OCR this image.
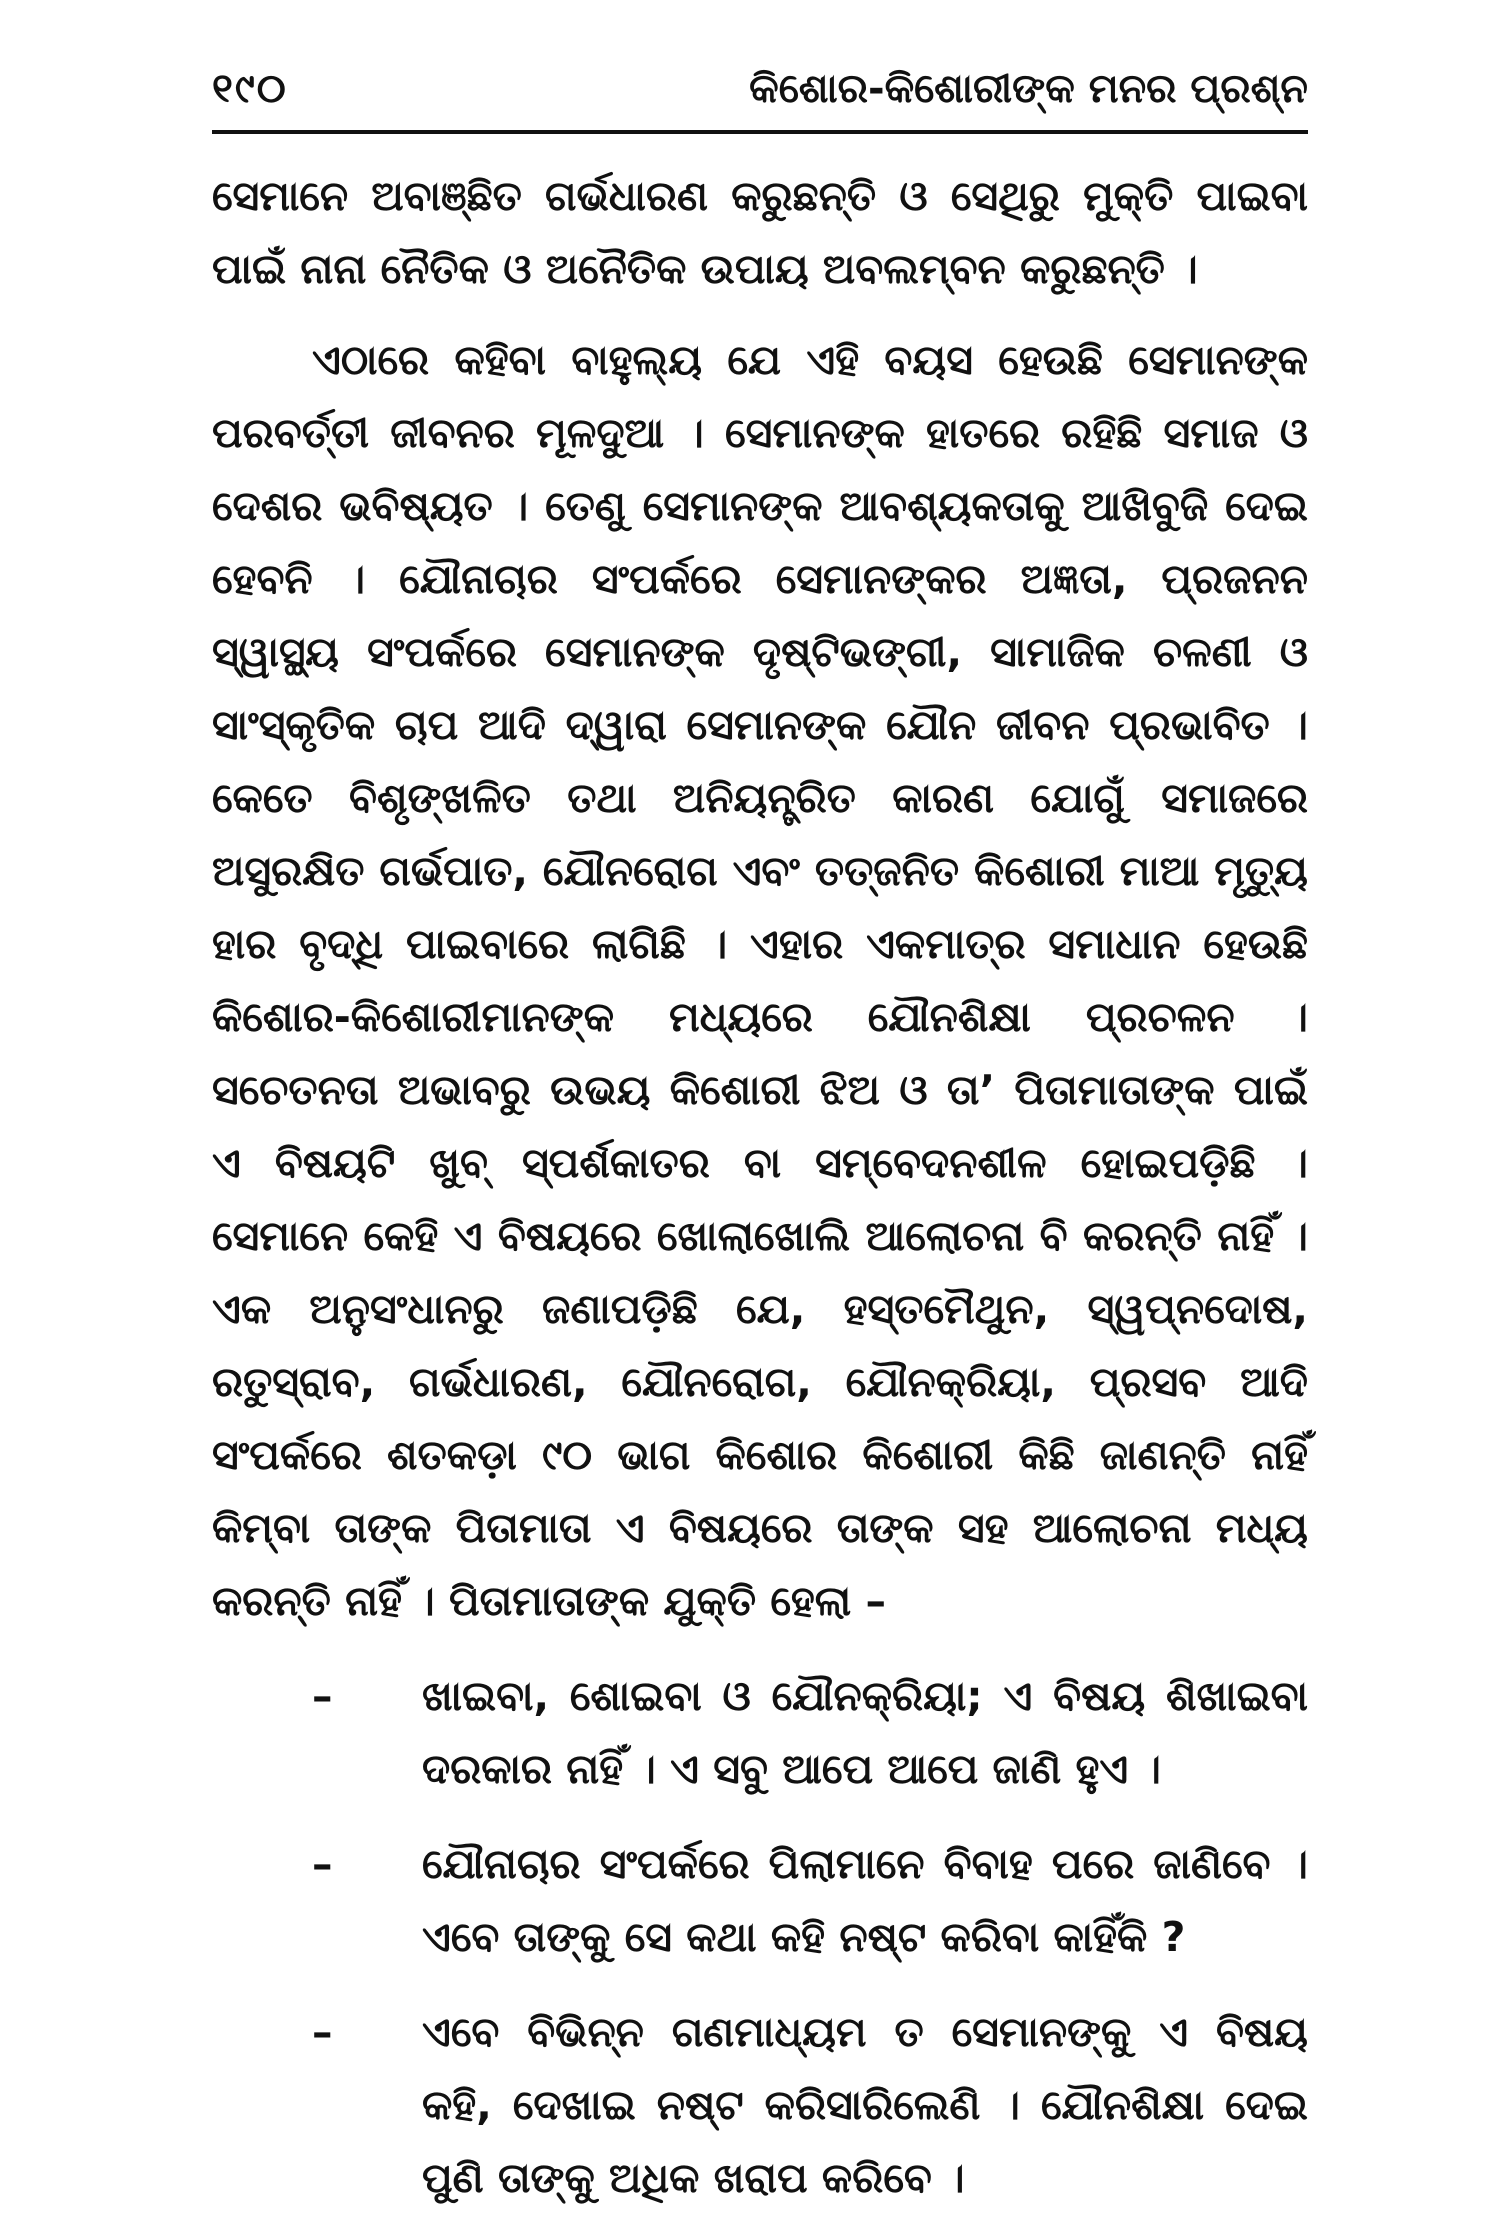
୧୯୦	କିଶୋର-କିଶୋରୀଙ୍କ ମନର ପ୍ରଶ୍ନ

ସେମାନେ ଅବାଞ୍ଛିତ ଗର୍ଭଧାରଣ କରୁଛନ୍ତି ଓ ସେଥିରୁ ମୁକ୍ତି ପାଇବା ପାଇଁ ନାନା ନୈତିକ ଓ ଅନୈତିକ ଉପାୟ ଅବଲମ୍ବନ କରୁଛନ୍ତି ।

ଏଠାରେ କହିବା ବାହୁଲ୍ୟ ଯେ ଏହି ବୟସ ହେଉଛି ସେମାନଙ୍କ ପରବର୍ତ୍ତୀ ଜୀବନର ମୂଳଦୁଆ । ସେମାନଙ୍କ ହାତରେ ରହିଛି ସମାଜ ଓ ଦେଶର ଭବିଷ୍ୟତ । ତେଣୁ ସେମାନଙ୍କ ଆବଶ୍ୟକତାକୁ ଆଖିବୁଜି ଦେଇ ହେବନି । ଯୌନାଚାର ସଂପର୍କରେ ସେମାନଙ୍କର ଅଜ୍ଞତା, ପ୍ରଜନନ ସ୍ୱାସ୍ଥ୍ୟ ସଂପର୍କରେ ସେମାନଙ୍କ ଦୃଷ୍ଟିଭଙ୍ଗୀ, ସାମାଜିକ ଚଳଣୀ ଓ ସାଂସ୍କୃତିକ ଚାପ ଆଦି ଦ୍ୱାରା ସେମାନଙ୍କ ଯୌନ ଜୀବନ ପ୍ରଭାବିତ । କେତେ ବିଶୃଙ୍ଖଳିତ ତଥା ଅନିୟନ୍ତ୍ରିତ କାରଣ ଯୋଗୁଁ ସମାଜରେ ଅସୁରକ୍ଷିତ ଗର୍ଭପାତ, ଯୌନରୋଗ ଏବଂ ତତ୍‌ଜନିତ କିଶୋରୀ ମାଆ ମୃତ୍ୟୁ ହାର ବୃଦ୍ଧି ପାଇବାରେ ଲାଗିଛି । ଏହାର ଏକମାତ୍ର ସମାଧାନ ହେଉଛି କିଶୋର-କିଶୋରୀମାନଙ୍କ ମଧ୍ୟରେ ଯୌନଶିକ୍ଷା ପ୍ରଚଳନ । ସଚେତନତା ଅଭାବରୁ ଉଭୟ କିଶୋରୀ ଝିଅ ଓ ତା’ ପିତାମାତାଙ୍କ ପାଇଁ ଏ ବିଷୟଟି ଖୁବ୍ ସ୍ପର୍ଶକାତର ବା ସମ୍ବେଦନଶୀଳ ହୋଇପଡ଼ିଛି । ସେମାନେ କେହି ଏ ବିଷୟରେ ଖୋଲାଖୋଲି ଆଲୋଚନା ବି କରନ୍ତି ନାହିଁ । ଏକ ଅନୁସଂଧାନରୁ ଜଣାପଡ଼ିଛି ଯେ, ହସ୍ତମୈଥୁନ, ସ୍ୱପ୍ନଦୋଷ, ରତୁସ୍ରାବ, ଗର୍ଭଧାରଣ, ଯୌନରୋଗ, ଯୌନକ୍ରିୟା, ପ୍ରସବ ଆଦି ସଂପର୍କରେ ଶତକଡ଼ା ୯୦ ଭାଗ କିଶୋର କିଶୋରୀ କିଛି ଜାଣନ୍ତି ନାହିଁ କିମ୍ବା ତାଙ୍କ ପିତାମାତା ଏ ବିଷୟରେ ତାଙ୍କ ସହ ଆଲୋଚନା ମଧ୍ୟ କରନ୍ତି ନାହିଁ । ପିତାମାତାଙ୍କ ଯୁକ୍ତି ହେଲା –

– ଖାଇବା, ଶୋଇବା ଓ ଯୌନକ୍ରିୟା; ଏ ବିଷୟ ଶିଖାଇବା ଦରକାର ନାହିଁ । ଏ ସବୁ ଆପେ ଆପେ ଜାଣି ହୁଏ ।
– ଯୌନାଚାର ସଂପର୍କରେ ପିଲାମାନେ ବିବାହ ପରେ ଜାଣିବେ । ଏବେ ତାଙ୍କୁ ସେ କଥା କହି ନଷ୍ଟ କରିବା କାହିଁକି ?
– ଏବେ ବିଭିନ୍ନ ଗଣମାଧ୍ୟମ ତ ସେମାନଙ୍କୁ ଏ ବିଷୟ କହି, ଦେଖାଇ ନଷ୍ଟ କରିସାରିଲେଣି । ଯୌନଶିକ୍ଷା ଦେଇ ପୁଣି ତାଙ୍କୁ ଅଧିକ ଖରାପ କରିବେ ।
